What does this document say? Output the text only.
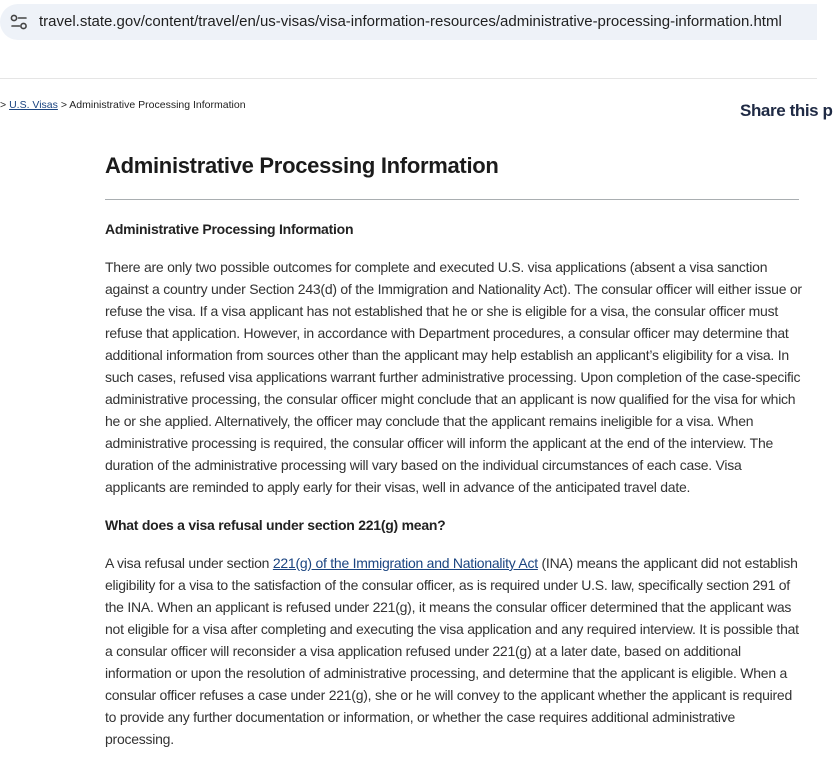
travel.state.gov/content/travel/en/us-visas/visa-information-resources/administrative-processing-information.html
> U.S. Visas > Administrative Processing Information	Share this p
Administrative Processing Information
Administrative Processing Information

There are only two possible outcomes for complete and executed U.S. visa applications (absent a visa sanction against a country under Section 243(d) of the Immigration and Nationality Act). The consular officer will either issue or refuse the visa. If a visa applicant has not established that he or she is eligible for a visa, the consular officer must refuse that application. However, in accordance with Department procedures, a consular officer may determine that additional information from sources other than the applicant may help establish an applicant’s eligibility for a visa. In such cases, refused visa applications warrant further administrative processing. Upon completion of the case-specific administrative processing, the consular officer might conclude that an applicant is now qualified for the visa for which he or she applied. Alternatively, the officer may conclude that the applicant remains ineligible for a visa. When administrative processing is required, the consular officer will inform the applicant at the end of the interview. The duration of the administrative processing will vary based on the individual circumstances of each case. Visa applicants are reminded to apply early for their visas, well in advance of the anticipated travel date.

What does a visa refusal under section 221(g) mean?

A visa refusal under section 221(g) of the Immigration and Nationality Act (INA) means the applicant did not establish eligibility for a visa to the satisfaction of the consular officer, as is required under U.S. law, specifically section 291 of the INA. When an applicant is refused under 221(g), it means the consular officer determined that the applicant was not eligible for a visa after completing and executing the visa application and any required interview. It is possible that a consular officer will reconsider a visa application refused under 221(g) at a later date, based on additional information or upon the resolution of administrative processing, and determine that the applicant is eligible. When a consular officer refuses a case under 221(g), she or he will convey to the applicant whether the applicant is required to provide any further documentation or information, or whether the case requires additional administrative processing.
